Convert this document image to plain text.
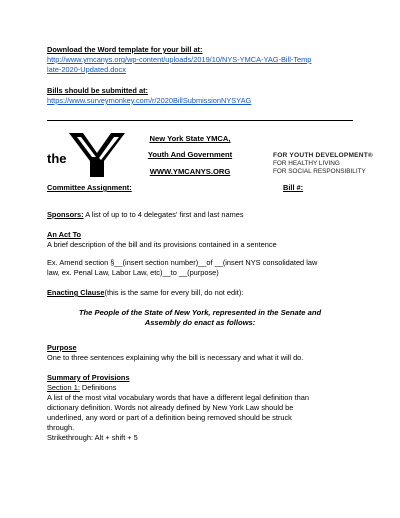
Download the Word template for your bill at:
http://www.ymcanys.org/wp-content/uploads/2019/10/NYS-YMCA-YAG-Bill-Temp
late-2020-Updated.docx
Bills should be submitted at:
https://www.surveymonkey.com/r/2020BillSubmissionNYSYAG
the
New York State YMCA,
Youth And Government
WWW.YMCANYS.ORG
FOR YOUTH DEVELOPMENT®
FOR HEALTHY LIVING
FOR SOCIAL RESPONSIBILITY
Committee Assignment:	Bill #:
Sponsors: A list of up to to 4 delegates' first and last names
An Act To
A brief description of the bill and its provisions contained in a sentence
Ex. Amend section §__(insert section number)__of __(insert NYS consolidated law
law, ex. Penal Law, Labor Law, etc)__to __(purpose)
Enacting Clause(this is the same for every bill, do not edit):
The People of the State of New York, represented in the Senate and
Assembly do enact as follows:
Purpose
One to three sentences explaining why the bill is necessary and what it will do.
Summary of Provisions
Section 1: Definitions
A list of the most vital vocabulary words that have a different legal definition than
dictionary definition. Words not already defined by New York Law should be
underlined, any word or part of a definition being removed should be struck
through.
Strikethrough: Alt + shift + 5
